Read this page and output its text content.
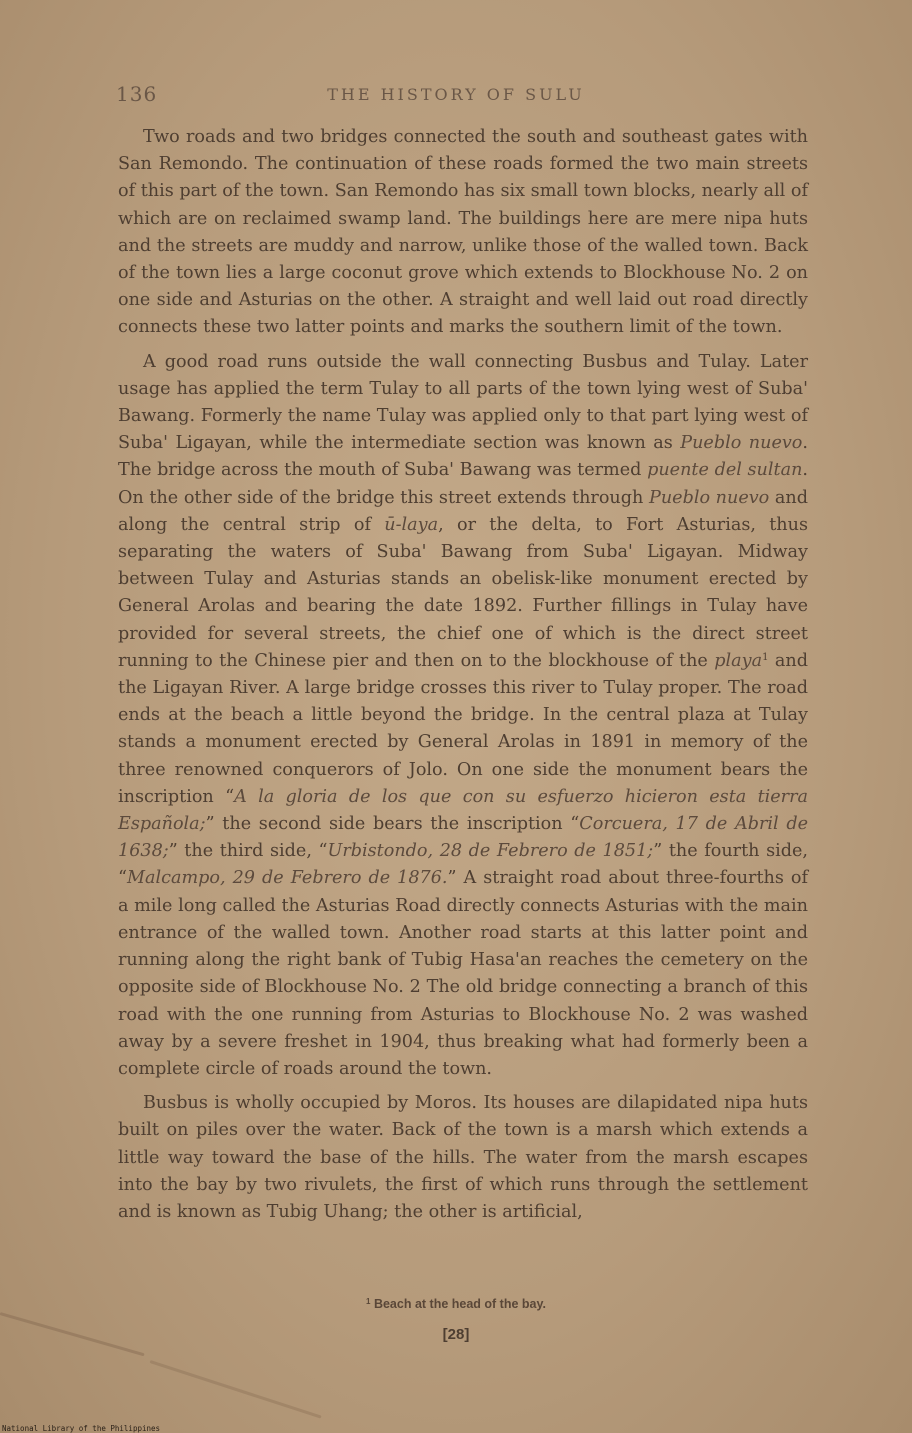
136	THE HISTORY OF SULU

Two roads and two bridges connected the south and southeast gates with San Remondo. The continuation of these roads formed the two main streets of this part of the town. San Remondo has six small town blocks, nearly all of which are on reclaimed swamp land. The buildings here are mere nipa huts and the streets are muddy and narrow, unlike those of the walled town. Back of the town lies a large coconut grove which extends to Blockhouse No. 2 on one side and Asturias on the other. A straight and well laid out road directly connects these two latter points and marks the southern limit of the town.

A good road runs outside the wall connecting Busbus and Tulay. Later usage has applied the term Tulay to all parts of the town lying west of Suba' Bawang. Formerly the name Tulay was applied only to that part lying west of Suba' Ligayan, while the intermediate section was known as Pueblo nuevo. The bridge across the mouth of Suba' Bawang was termed puente del sultan. On the other side of the bridge this street extends through Pueblo nuevo and along the central strip of ū-laya, or the delta, to Fort Asturias, thus separating the waters of Suba' Bawang from Suba' Ligayan. Midway between Tulay and Asturias stands an obelisk-like monument erected by General Arolas and bearing the date 1892. Further fillings in Tulay have provided for several streets, the chief one of which is the direct street running to the Chinese pier and then on to the blockhouse of the playa$^1$ and the Ligayan River. A large bridge crosses this river to Tulay proper. The road ends at the beach a little beyond the bridge. In the central plaza at Tulay stands a monument erected by General Arolas in 1891 in memory of the three renowned conquerors of Jolo. On one side the monument bears the inscription “A la gloria de los que con su esfuerzo hicieron esta tierra Española;” the second side bears the inscription “Corcuera, 17 de Abril de 1638;” the third side, “Urbistondo, 28 de Febrero de 1851;” the fourth side, “Malcampo, 29 de Febrero de 1876.” A straight road about three-fourths of a mile long called the Asturias Road directly connects Asturias with the main entrance of the walled town. Another road starts at this latter point and running along the right bank of Tubig Hasa'an reaches the cemetery on the opposite side of Blockhouse No. 2 The old bridge connecting a branch of this road with the one running from Asturias to Blockhouse No. 2 was washed away by a severe freshet in 1904, thus breaking what had formerly been a complete circle of roads around the town.

Busbus is wholly occupied by Moros. Its houses are dilapidated nipa huts built on piles over the water. Back of the town is a marsh which extends a little way toward the base of the hills. The water from the marsh escapes into the bay by two rivulets, the first of which runs through the settlement and is known as Tubig Uhang; the other is artificial,

$^1$ Beach at the head of the bay.
[28]
National Library of the Philippines
